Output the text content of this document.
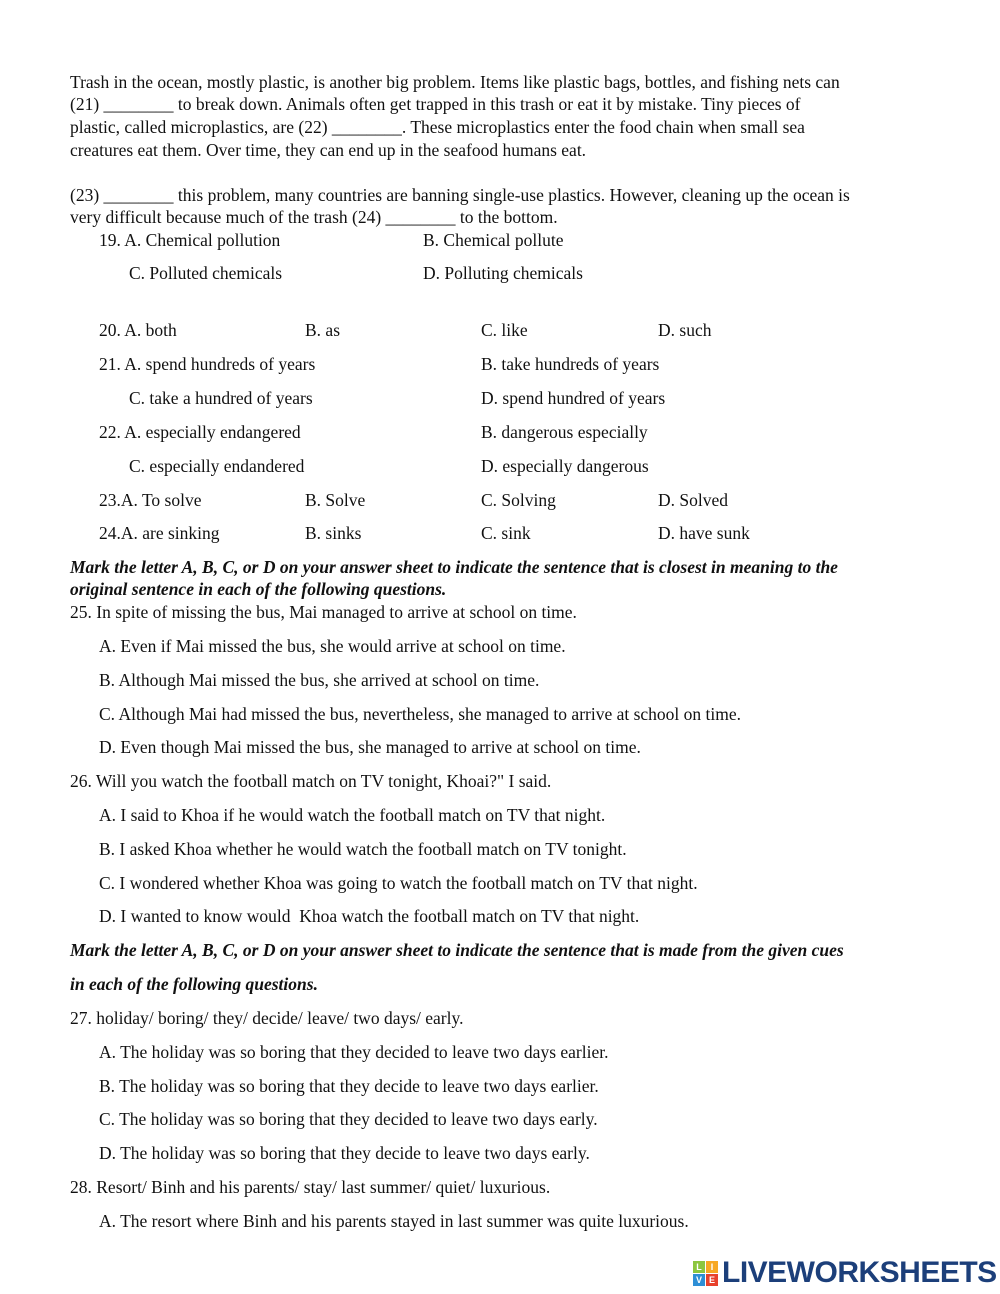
Trash in the ocean, mostly plastic, is another big problem. Items like plastic bags, bottles, and fishing nets can
(21) ________ to break down. Animals often get trapped in this trash or eat it by mistake. Tiny pieces of
plastic, called microplastics, are (22) ________. These microplastics enter the food chain when small sea
creatures eat them. Over time, they can end up in the seafood humans eat.
(23) ________ this problem, many countries are banning single-use plastics. However, cleaning up the ocean is
very difficult because much of the trash (24) ________ to the bottom.
19. A. Chemical pollution	B. Chemical pollute
C. Polluted chemicals	D. Polluting chemicals
20. A. both	B. as	C. like	D. such
21. A. spend hundreds of years	B. take hundreds of years
C. take a hundred of years	D. spend hundred of years
22. A. especially endangered	B. dangerous especially
C. especially endandered	D. especially dangerous
23.A. To solve	B. Solve	C. Solving	D. Solved
24.A. are sinking	B. sinks	C. sink	D. have sunk
Mark the letter A, B, C, or D on your answer sheet to indicate the sentence that is closest in meaning to the
original sentence in each of the following questions.
25. In spite of missing the bus, Mai managed to arrive at school on time.
A. Even if Mai missed the bus, she would arrive at school on time.
B. Although Mai missed the bus, she arrived at school on time.
C. Although Mai had missed the bus, nevertheless, she managed to arrive at school on time.
D. Even though Mai missed the bus, she managed to arrive at school on time.
26. Will you watch the football match on TV tonight, Khoai?" I said.
A. I said to Khoa if he would watch the football match on TV that night.
B. I asked Khoa whether he would watch the football match on TV tonight.
C. I wondered whether Khoa was going to watch the football match on TV that night.
D. I wanted to know would  Khoa watch the football match on TV that night.
Mark the letter A, B, C, or D on your answer sheet to indicate the sentence that is made from the given cues
in each of the following questions.
27. holiday/ boring/ they/ decide/ leave/ two days/ early.
A. The holiday was so boring that they decided to leave two days earlier.
B. The holiday was so boring that they decide to leave two days earlier.
C. The holiday was so boring that they decided to leave two days early.
D. The holiday was so boring that they decide to leave two days early.
28. Resort/ Binh and his parents/ stay/ last summer/ quiet/ luxurious.
A. The resort where Binh and his parents stayed in last summer was quite luxurious.
L I
V E LIVEWORKSHEETS
